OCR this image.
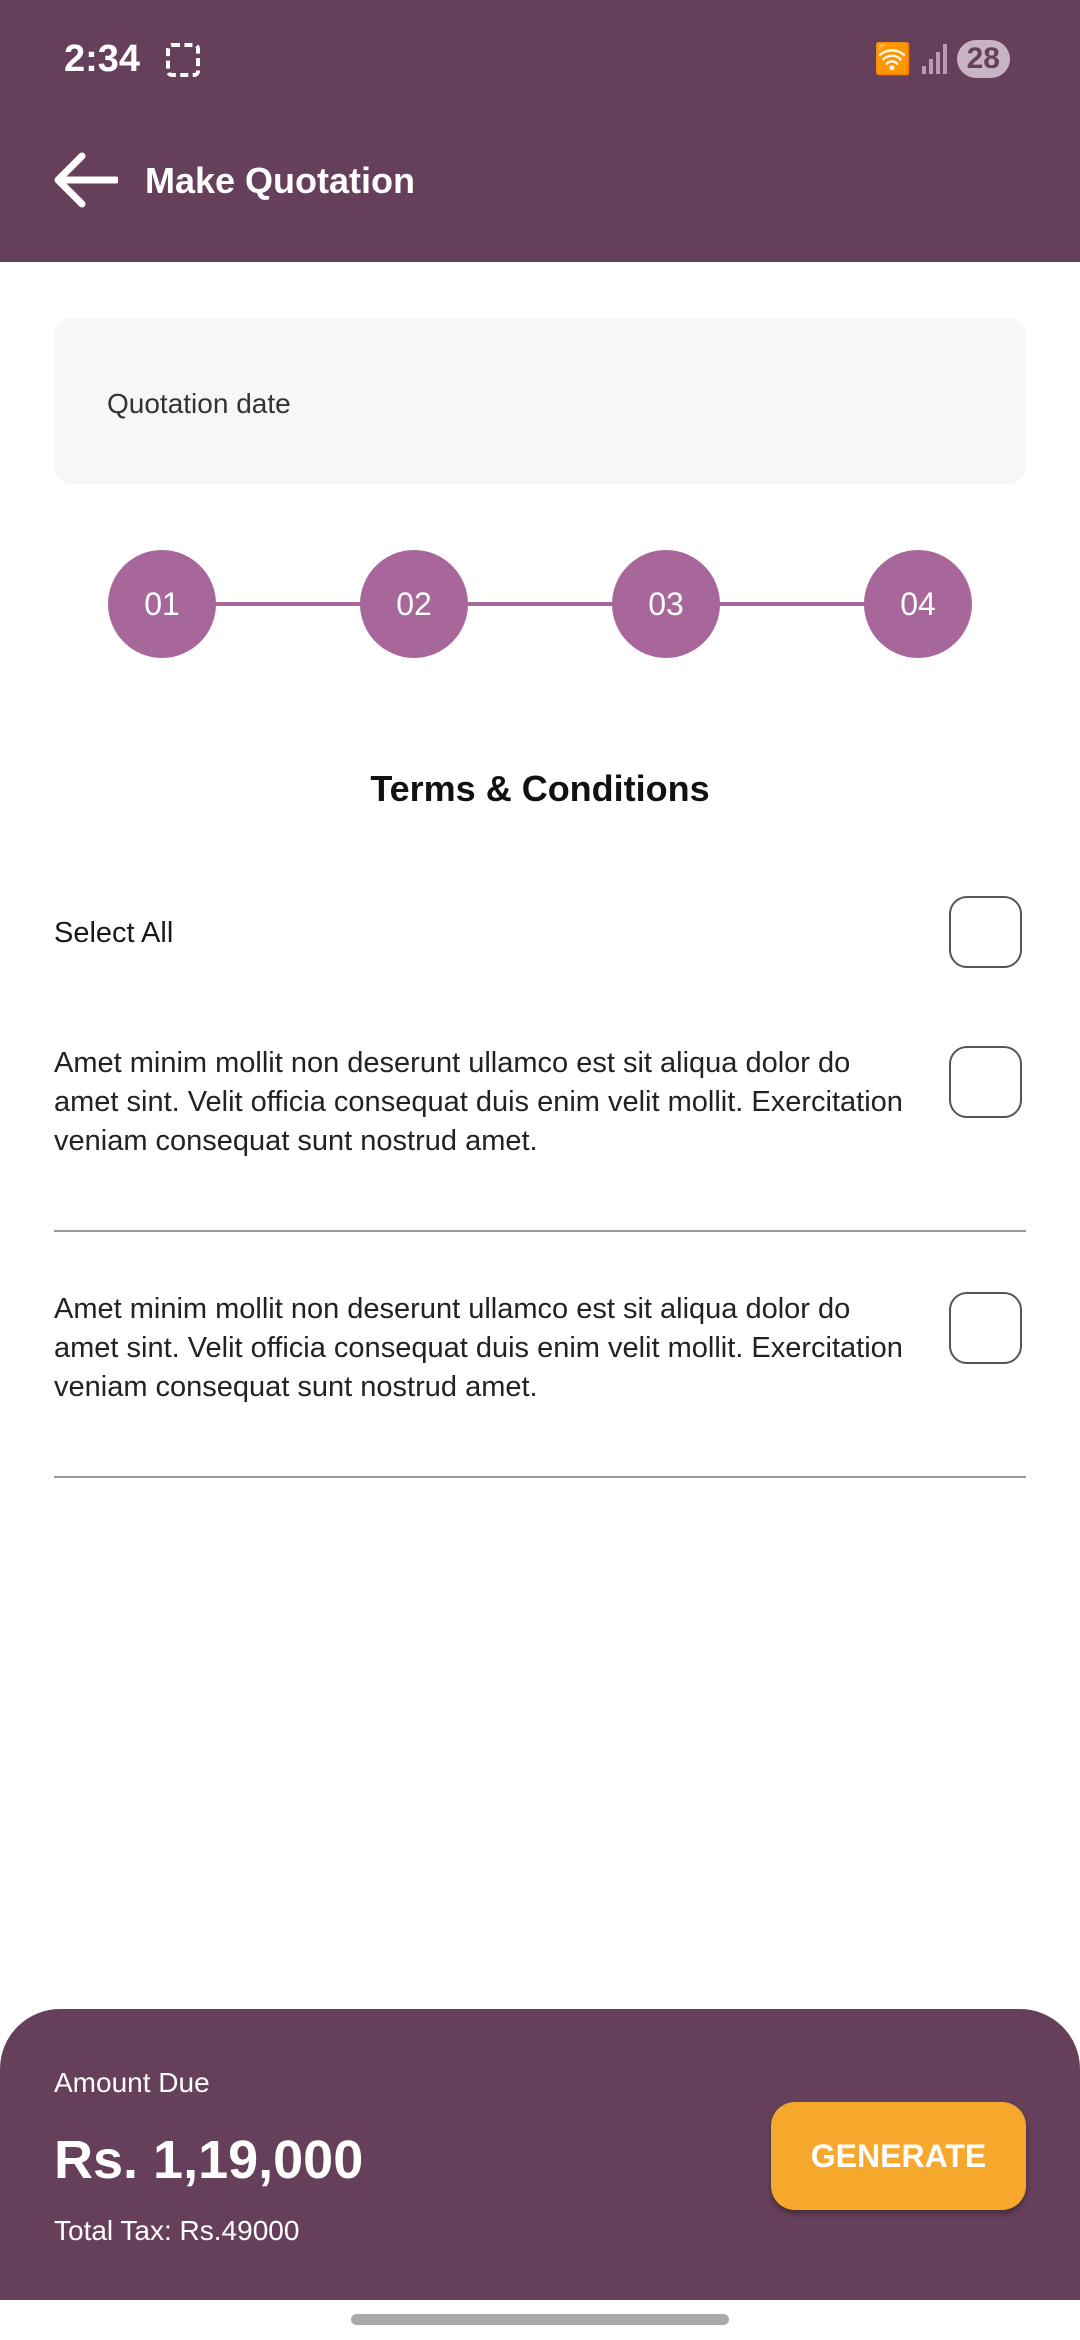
2:34	🛜	28
Make Quotation
Quotation date
01	02	03	04
Terms & Conditions
Select All
Amet minim mollit non deserunt ullamco est sit aliqua dolor do amet sint. Velit officia consequat duis enim velit mollit. Exercitation veniam consequat sunt nostrud amet.
Amet minim mollit non deserunt ullamco est sit aliqua dolor do amet sint. Velit officia consequat duis enim velit mollit. Exercitation veniam consequat sunt nostrud amet.
Amount Due
Rs. 1,19,000
Total Tax: Rs.49000
GENERATE
